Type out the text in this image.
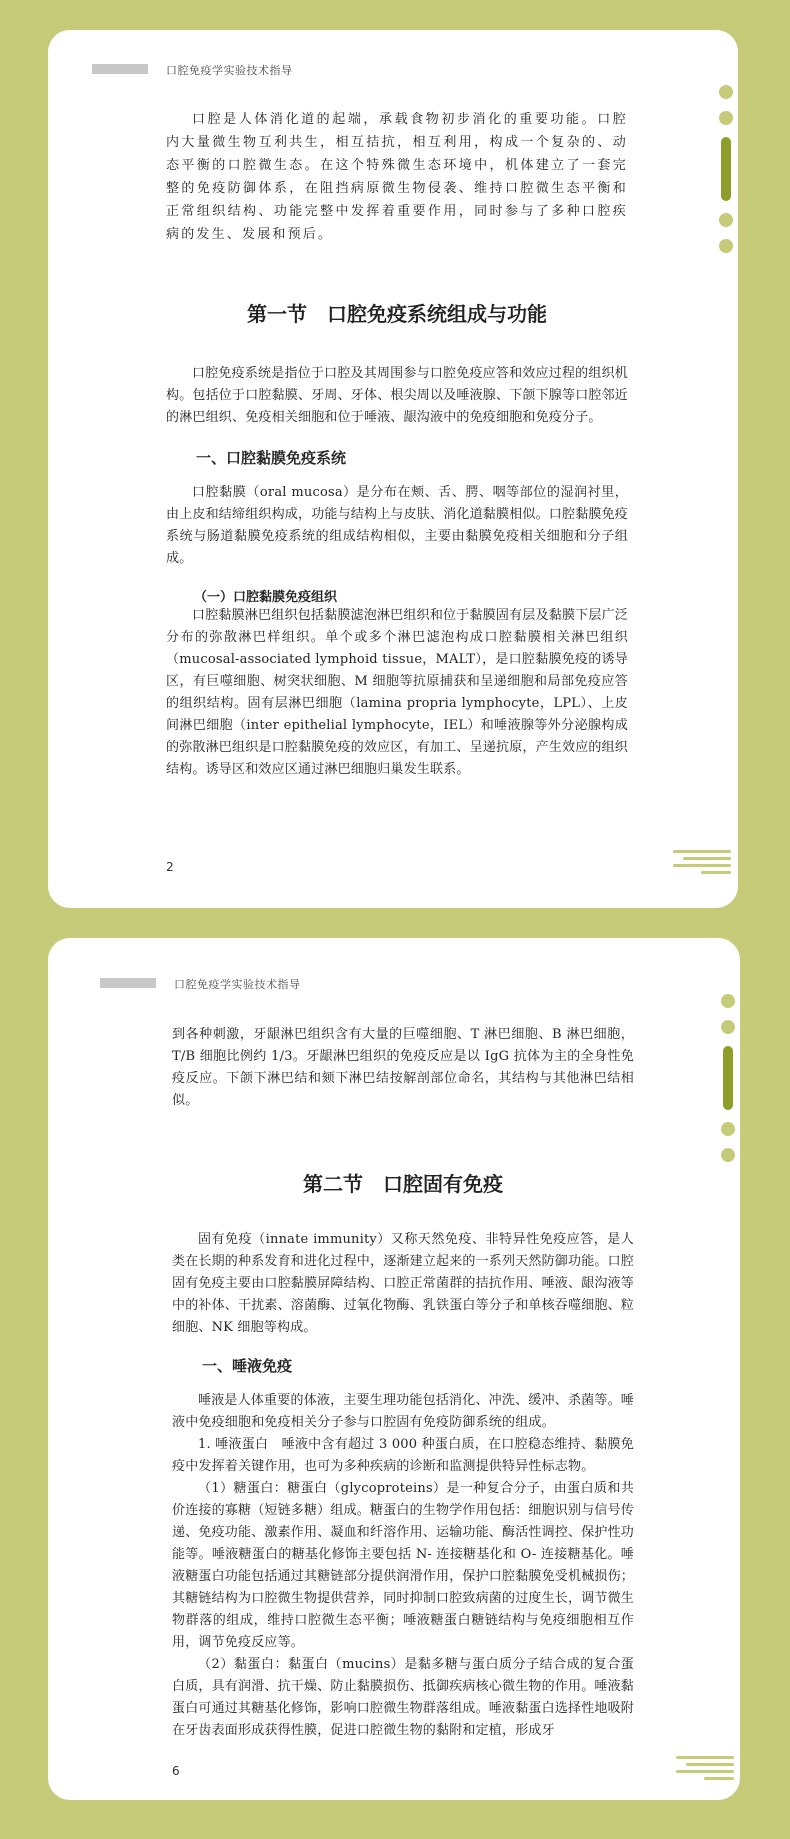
口腔免疫学实验技术指导

口腔是人体消化道的起端，承载食物初步消化的重要功能。口腔内大量微生物互利共生，相互拮抗，相互利用，构成一个复杂的、动态平衡的口腔微生态。在这个特殊微生态环境中，机体建立了一套完整的免疫防御体系，在阻挡病原微生物侵袭、维持口腔微生态平衡和正常组织结构、功能完整中发挥着重要作用，同时参与了多种口腔疾病的发生、发展和预后。

第一节　口腔免疫系统组成与功能

口腔免疫系统是指位于口腔及其周围参与口腔免疫应答和效应过程的组织机构。包括位于口腔黏膜、牙周、牙体、根尖周以及唾液腺、下颌下腺等口腔邻近的淋巴组织、免疫相关细胞和位于唾液、龈沟液中的免疫细胞和免疫分子。

一、口腔黏膜免疫系统

口腔黏膜（oral mucosa）是分布在颊、舌、腭、咽等部位的湿润衬里，由上皮和结缔组织构成，功能与结构上与皮肤、消化道黏膜相似。口腔黏膜免疫系统与肠道黏膜免疫系统的组成结构相似，主要由黏膜免疫相关细胞和分子组成。

（一）口腔黏膜免疫组织

口腔黏膜淋巴组织包括黏膜滤泡淋巴组织和位于黏膜固有层及黏膜下层广泛分布的弥散淋巴样组织。单个或多个淋巴滤泡构成口腔黏膜相关淋巴组织（mucosal-associated lymphoid tissue，MALT），是口腔黏膜免疫的诱导区，有巨噬细胞、树突状细胞、M 细胞等抗原捕获和呈递细胞和局部免疫应答的组织结构。固有层淋巴细胞（lamina propria lymphocyte，LPL）、上皮间淋巴细胞（inter epithelial lymphocyte，IEL）和唾液腺等外分泌腺构成的弥散淋巴组织是口腔黏膜免疫的效应区，有加工、呈递抗原，产生效应的组织结构。诱导区和效应区通过淋巴细胞归巢发生联系。

2
口腔免疫学实验技术指导

到各种刺激，牙龈淋巴组织含有大量的巨噬细胞、T 淋巴细胞、B 淋巴细胞，T/B 细胞比例约 1/3。牙龈淋巴组织的免疫反应是以 IgG 抗体为主的全身性免疫反应。下颌下淋巴结和颏下淋巴结按解剖部位命名，其结构与其他淋巴结相似。

第二节　口腔固有免疫

固有免疫（innate immunity）又称天然免疫、非特异性免疫应答，是人类在长期的种系发育和进化过程中，逐渐建立起来的一系列天然防御功能。口腔固有免疫主要由口腔黏膜屏障结构、口腔正常菌群的拮抗作用、唾液、龈沟液等中的补体、干扰素、溶菌酶、过氧化物酶、乳铁蛋白等分子和单核吞噬细胞、粒细胞、NK 细胞等构成。

一、唾液免疫

唾液是人体重要的体液，主要生理功能包括消化、冲洗、缓冲、杀菌等。唾液中免疫细胞和免疫相关分子参与口腔固有免疫防御系统的组成。

1. 唾液蛋白　唾液中含有超过 3 000 种蛋白质，在口腔稳态维持、黏膜免疫中发挥着关键作用，也可为多种疾病的诊断和监测提供特异性标志物。

（1）糖蛋白：糖蛋白（glycoproteins）是一种复合分子，由蛋白质和共价连接的寡糖（短链多糖）组成。糖蛋白的生物学作用包括：细胞识别与信号传递、免疫功能、激素作用、凝血和纤溶作用、运输功能、酶活性调控、保护性功能等。唾液糖蛋白的糖基化修饰主要包括 N- 连接糖基化和 O- 连接糖基化。唾液糖蛋白功能包括通过其糖链部分提供润滑作用，保护口腔黏膜免受机械损伤；其糖链结构为口腔微生物提供营养，同时抑制口腔致病菌的过度生长，调节微生物群落的组成，维持口腔微生态平衡；唾液糖蛋白糖链结构与免疫细胞相互作用，调节免疫反应等。

（2）黏蛋白：黏蛋白（mucins）是黏多糖与蛋白质分子结合成的复合蛋白质，具有润滑、抗干燥、防止黏膜损伤、抵御疾病核心微生物的作用。唾液黏蛋白可通过其糖基化修饰，影响口腔微生物群落组成。唾液黏蛋白选择性地吸附在牙齿表面形成获得性膜，促进口腔微生物的黏附和定植，形成牙

6
